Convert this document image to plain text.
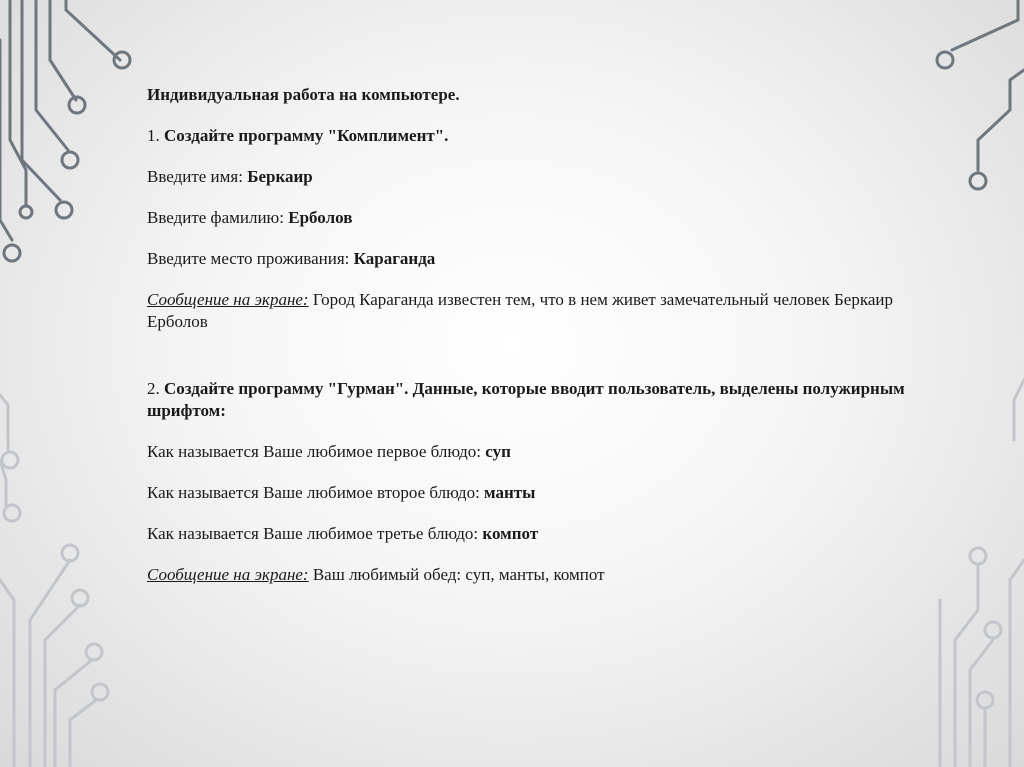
Индивидуальная работа на компьютере.

1. Создайте программу "Комплимент".

Введите имя: Беркаир

Введите фамилию: Ерболов

Введите место проживания: Караганда

Сообщение на экране: Город Караганда известен тем, что в нем живет замечательный человек Беркаир Ерболов

2. Создайте программу "Гурман". Данные, которые вводит пользователь, выделены полужирным шрифтом:

Как называется Ваше любимое первое блюдо: суп

Как называется Ваше любимое второе блюдо: манты

Как называется Ваше любимое третье блюдо: компот

Сообщение на экране: Ваш любимый обед: суп, манты, компот
